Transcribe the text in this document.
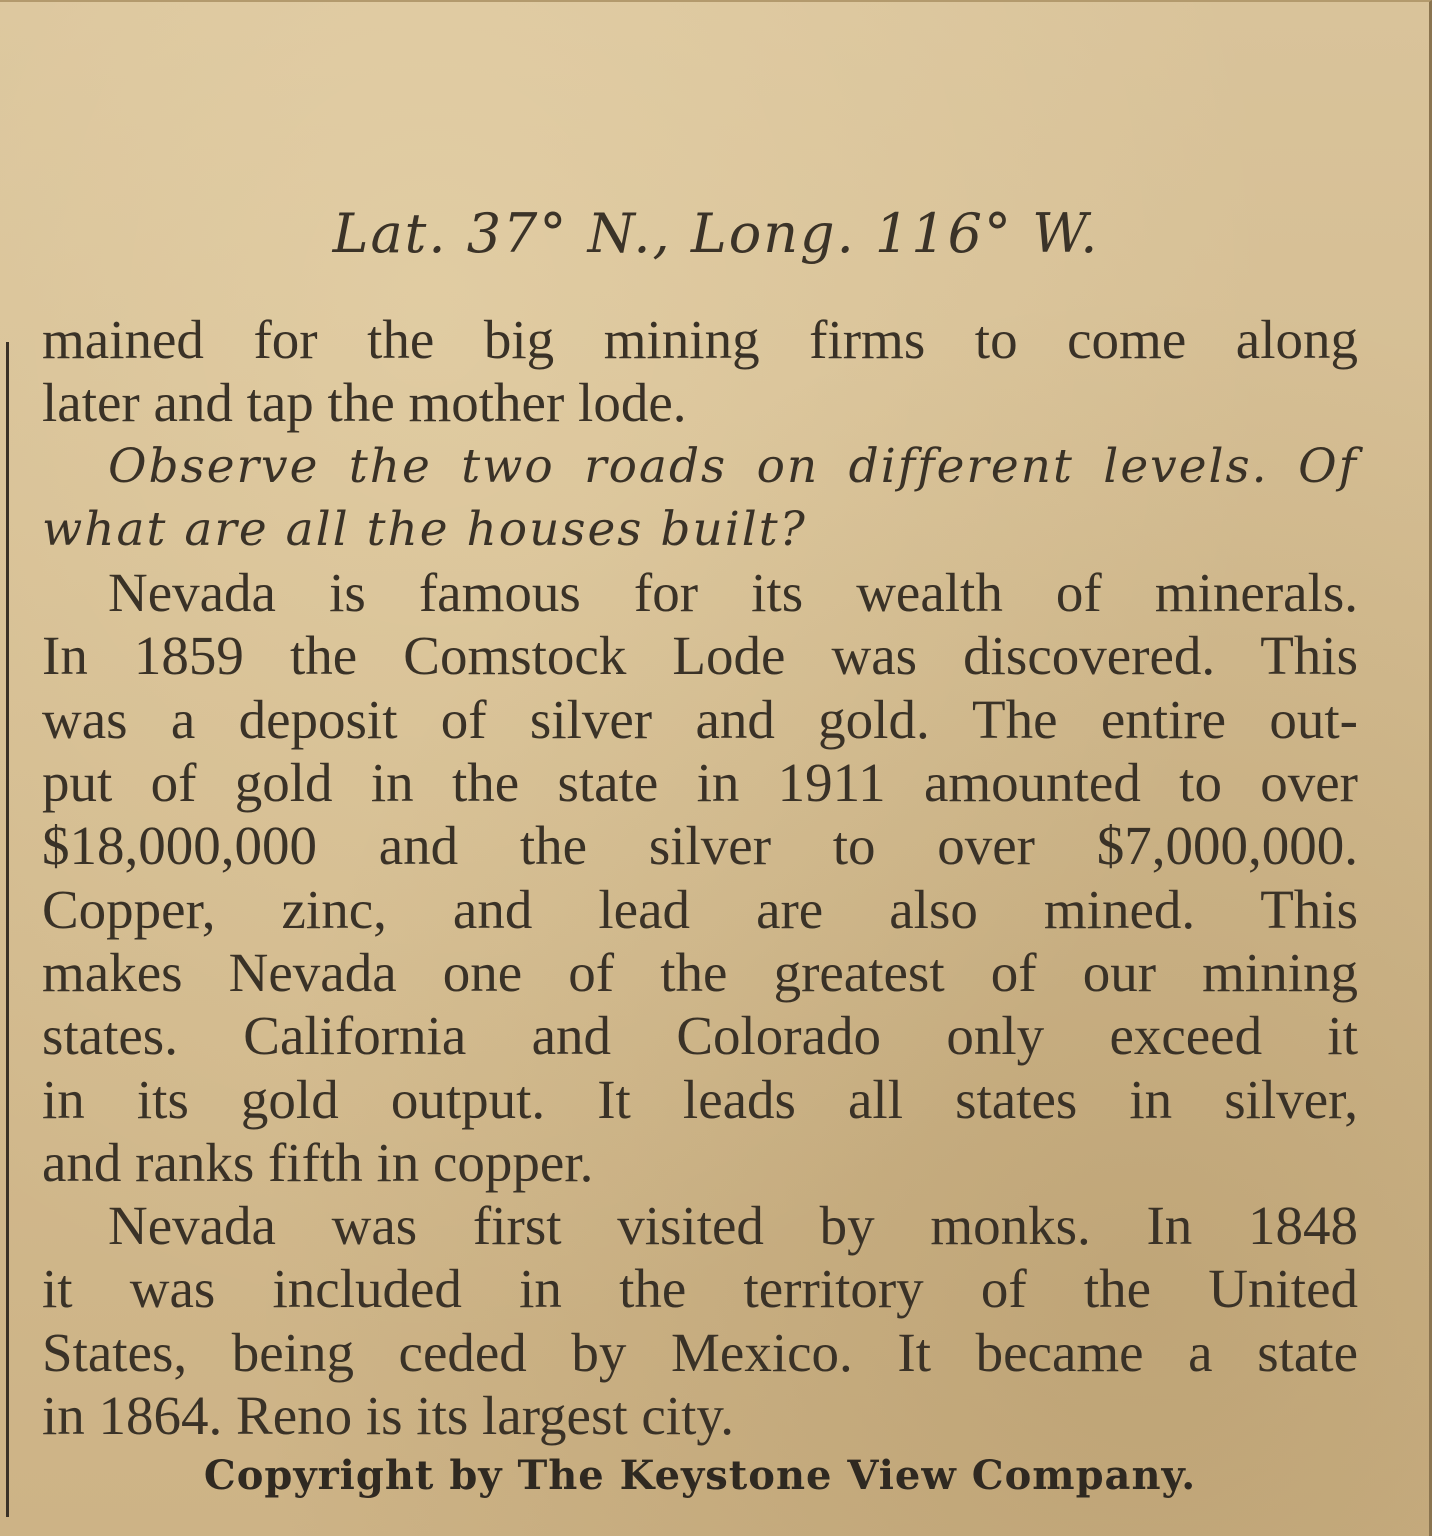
Lat. 37° N., Long. 116° W.
mained for the big mining firms to come along
later and tap the mother lode.
Observe the two roads on different levels. Of
what are all the houses built?
Nevada is famous for its wealth of minerals.
In 1859 the Comstock Lode was discovered. This
was a deposit of silver and gold. The entire out-
put of gold in the state in 1911 amounted to over
$18,000,000 and the silver to over $7,000,000.
Copper, zinc, and lead are also mined. This
makes Nevada one of the greatest of our mining
states. California and Colorado only exceed it
in its gold output. It leads all states in silver,
and ranks fifth in copper.
Nevada was first visited by monks. In 1848
it was included in the territory of the United
States, being ceded by Mexico. It became a state
in 1864. Reno is its largest city.
Copyright by The Keystone View Company.
